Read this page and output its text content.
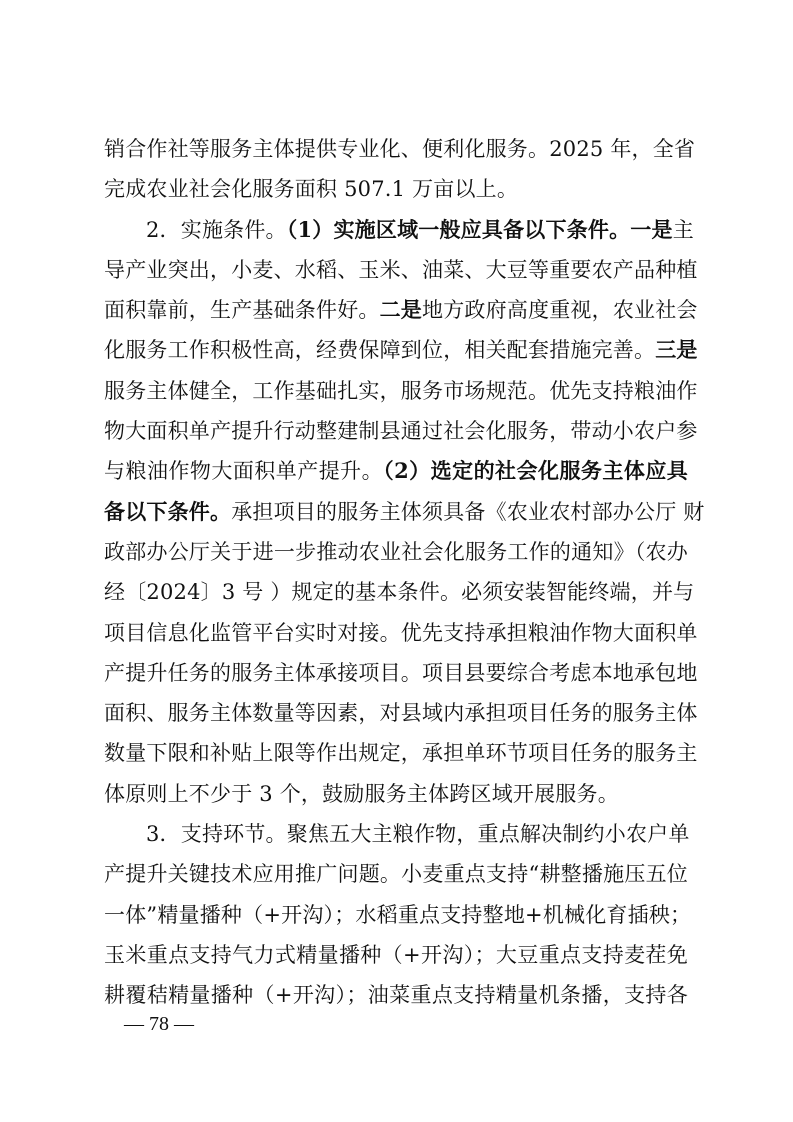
销合作社等服务主体提供专业化、便利化服务。2025 年，全省
完成农业社会化服务面积 507.1 万亩以上。
2．实施条件。（1）实施区域一般应具备以下条件。一是主
导产业突出，小麦、水稻、玉米、油菜、大豆等重要农产品种植
面积靠前，生产基础条件好。二是地方政府高度重视，农业社会
化服务工作积极性高，经费保障到位，相关配套措施完善。三是
服务主体健全，工作基础扎实，服务市场规范。优先支持粮油作
物大面积单产提升行动整建制县通过社会化服务，带动小农户参
与粮油作物大面积单产提升。（2）选定的社会化服务主体应具
备以下条件。承担项目的服务主体须具备《农业农村部办公厅 财
政部办公厅关于进一步推动农业社会化服务工作的通知》（农办
经〔2024〕3 号 ）规定的基本条件。必须安装智能终端，并与
项目信息化监管平台实时对接。优先支持承担粮油作物大面积单
产提升任务的服务主体承接项目。项目县要综合考虑本地承包地
面积、服务主体数量等因素，对县域内承担项目任务的服务主体
数量下限和补贴上限等作出规定，承担单环节项目任务的服务主
体原则上不少于 3 个，鼓励服务主体跨区域开展服务。
3．支持环节。聚焦五大主粮作物，重点解决制约小农户单
产提升关键技术应用推广问题。小麦重点支持“耕整播施压五位
一体”精量播种（+开沟）；水稻重点支持整地+机械化育插秧；
玉米重点支持气力式精量播种（+开沟）；大豆重点支持麦茬免
耕覆秸精量播种（+开沟）；油菜重点支持精量机条播，支持各
— 78 —
